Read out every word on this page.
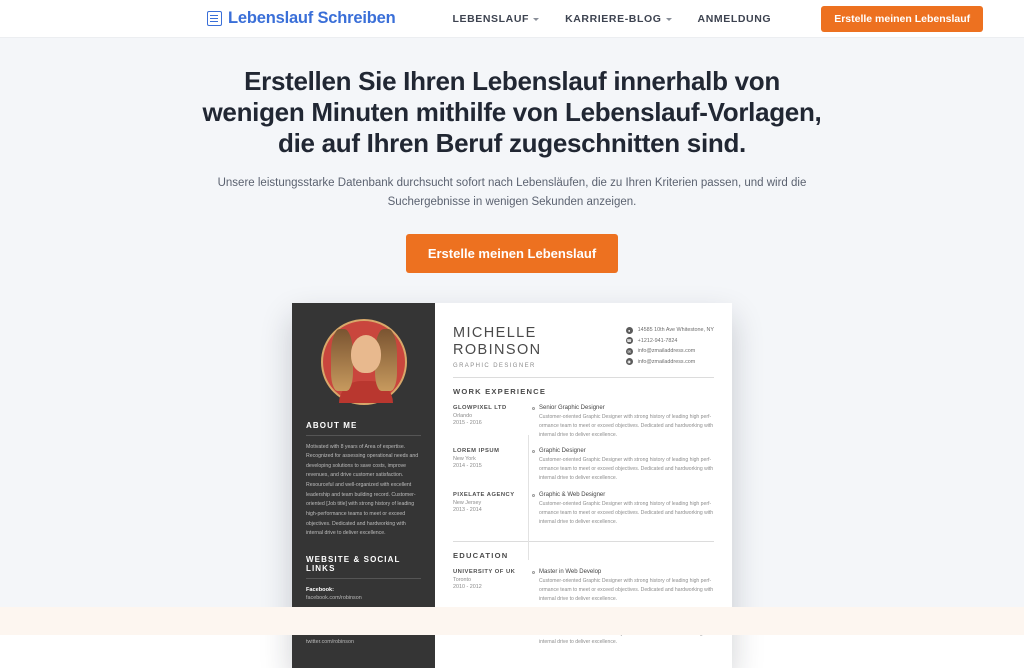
Lebenslauf Schreiben	LEBENSLAUF	KARRIERE-BLOG	ANMELDUNG	Erstelle meinen Lebenslauf
Erstellen Sie Ihren Lebenslauf innerhalb von wenigen Minuten mithilfe von Lebenslauf-Vorlagen, die auf Ihren Beruf zugeschnitten sind.

Unsere leistungsstarke Datenbank durchsucht sofort nach Lebensläufen, die zu Ihren Kriterien passen, und wird die Suchergebnisse in wenigen Sekunden anzeigen.

Erstelle meinen Lebenslauf
ABOUT ME
Motivated with 8 years of Area of expertise. Recognized for assessing operational needs and developing solutions to save costs, improve revenues, and drive customer satisfaction. Resourceful and well-organized with excellent leadership and team building record. Customer-oriented [Job title] with strong history of leading high-performance teams to meet or exceed objectives. Dedicated and hardworking with internal drive to deliver excellence.
WEBSITE & SOCIAL LINKS
Facebook:
facebook.com/robinson
twitter.com/robinson
MICHELLE
ROBINSON
GRAPHIC DESIGNER
●	14585 10th Ave Whitestone, NY
☎ +1212-941-7824
✉	info@zmailaddress.com
◉	info@zmailaddress.com
WORK EXPERIENCE
GLOWPIXEL LTD
Orlando
2015 - 2016
Senior Graphic Designer
Customer-oriented Graphic Designer with strong history of leading high perf-ormance team to meet or exceed objectives. Dedicated and hardworking with internal drive to deliver excellence.
LOREM IPSUM
New York
2014 - 2015
Graphic Designer
Customer-oriented Graphic Designer with strong history of leading high perf-ormance team to meet or exceed objectives. Dedicated and hardworking with internal drive to deliver excellence.
PIXELATE AGENCY
New Jersey
2013 - 2014
Graphic & Web Designer
Customer-oriented Graphic Designer with strong history of leading high perf-ormance team to meet or exceed objectives. Dedicated and hardworking with internal drive to deliver excellence.
EDUCATION
UNIVERSITY OF UK
Toronto
2010 - 2012
Master in Web Develop
Customer-oriented Graphic Designer with strong history of leading high perf-ormance team to meet or exceed objectives. Dedicated and hardworking with internal drive to deliver excellence.
internal drive to deliver excellence.
